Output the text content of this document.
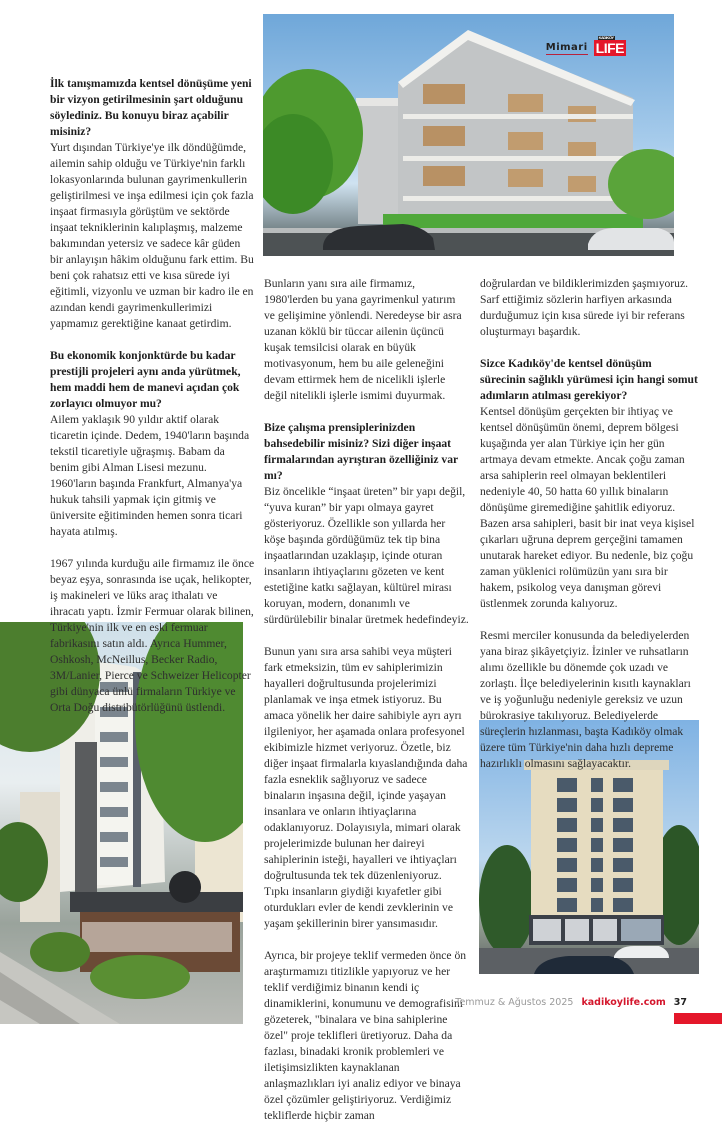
Mimari
KADIKÖY
LIFE

İlk tanışmamızda kentsel dönüşüme yeni bir vizyon getirilmesinin şart olduğunu söylediniz. Bu konuyu biraz açabilir misiniz?

Yurt dışından Türkiye'ye ilk döndüğümde, ailemin sahip olduğu ve Türkiye'nin farklı lokasyonlarında bulunan gayrimenkullerin geliştirilmesi ve inşa edilmesi için çok fazla inşaat firmasıyla görüştüm ve sektörde inşaat tekniklerinin kalıplaşmış, malzeme bakımından yetersiz ve sadece kâr güden bir anlayışın hâkim olduğunu fark ettim. Bu beni çok rahatsız etti ve kısa sürede iyi eğitimli, vizyonlu ve uzman bir kadro ile en azından kendi gayrimenkullerimizi yapmamız gerektiğine kanaat getirdim.

Bu ekonomik konjonktürde bu kadar prestijli projeleri aynı anda yürütmek, hem maddi hem de manevi açıdan çok zorlayıcı olmuyor mu?

Ailem yaklaşık 90 yıldır aktif olarak ticaretin içinde. Dedem, 1940'ların başında tekstil ticaretiyle uğraşmış. Babam da benim gibi Alman Lisesi mezunu. 1960'ların başında Frankfurt, Almanya'ya hukuk tahsili yapmak için gitmiş ve üniversite eğitiminden hemen sonra ticari hayata atılmış.

1967 yılında kurduğu aile firmamız ile önce beyaz eşya, sonrasında ise uçak, helikopter, iş makineleri ve lüks araç ithalatı ve ihracatı yaptı. İzmir Fermuar olarak bilinen, Türkiye'nin ilk ve en eski fermuar fabrikasını satın aldı. Ayrıca Hummer, Oshkosh, McNeillus, Becker Radio, 3M/Lanier, Pierce ve Schweizer Helicopter gibi dünyaca ünlü firmaların Türkiye ve Orta Doğu distribütörlüğünü üstlendi.

Bunların yanı sıra aile firmamız, 1980'lerden bu yana gayrimenkul yatırım ve gelişimine yönlendi. Neredeyse bir asra uzanan köklü bir tüccar ailenin üçüncü kuşak temsilcisi olarak en büyük motivasyonum, hem bu aile geleneğini devam ettirmek hem de nicelikli işlerle değil nitelikli işlerle ismimi duyurmak.

Bize çalışma prensiplerinizden bahsedebilir misiniz? Sizi diğer inşaat firmalarından ayrıştıran özelliğiniz var mı?

Biz öncelikle “inşaat üreten” bir yapı değil, “yuva kuran” bir yapı olmaya gayret gösteriyoruz. Özellikle son yıllarda her köşe başında gördüğümüz tek tip bina inşaatlarından uzaklaşıp, içinde oturan insanların ihtiyaçlarını gözeten ve kent estetiğine katkı sağlayan, kültürel mirası koruyan, modern, donanımlı ve sürdürülebilir binalar üretmek hedefindeyiz.

Bunun yanı sıra arsa sahibi veya müşteri fark etmeksizin, tüm ev sahiplerimizin hayalleri doğrultusunda projelerimizi planlamak ve inşa etmek istiyoruz. Bu amaca yönelik her daire sahibiyle ayrı ayrı ilgileniyor, her aşamada onlara profesyonel ekibimizle hizmet veriyoruz. Özetle, biz diğer inşaat firmalarla kıyaslandığında daha fazla esneklik sağlıyoruz ve sadece binaların inşasına değil, içinde yaşayan insanlara ve onların ihtiyaçlarına odaklanıyoruz. Dolayısıyla, mimari olarak projelerimizde bulunan her daireyi sahiplerinin isteği, hayalleri ve ihtiyaçları doğrultusunda tek tek düzenleniyoruz. Tıpkı insanların giydiği kıyafetler gibi oturdukları evler de kendi zevklerinin ve yaşam şekillerinin birer yansımasıdır.

Ayrıca, bir projeye teklif vermeden önce ön araştırmamızı titizlikle yapıyoruz ve her teklif verdiğimiz binanın kendi iç dinamiklerini, konumunu ve demografisini gözeterek, "binalara ve bina sahiplerine özel" proje teklifleri üretiyoruz. Daha da fazlası, binadaki kronik problemleri ve iletişimsizlikten kaynaklanan anlaşmazlıkları iyi analiz ediyor ve binaya özel çözümler geliştiriyoruz. Verdiğimiz tekliflerde hiçbir zaman

doğrulardan ve bildiklerimizden şaşmıyoruz. Sarf ettiğimiz sözlerin harfiyen arkasında durduğumuz için kısa sürede iyi bir referans oluşturmayı başardık.

Sizce Kadıköy'de kentsel dönüşüm sürecinin sağlıklı yürümesi için hangi somut adımların atılması gerekiyor?

Kentsel dönüşüm gerçekten bir ihtiyaç ve kentsel dönüşümün önemi, deprem bölgesi kuşağında yer alan Türkiye için her gün artmaya devam etmekte. Ancak çoğu zaman arsa sahiplerin reel olmayan beklentileri nedeniyle 40, 50 hatta 60 yıllık binaların dönüşüme giremediğine şahitlik ediyoruz. Bazen arsa sahipleri, basit bir inat veya kişisel çıkarları uğruna deprem gerçeğini tamamen unutarak hareket ediyor. Bu nedenle, biz çoğu zaman yüklenici rolümüzün yanı sıra bir hakem, psikolog veya danışman görevi üstlenmek zorunda kalıyoruz.

Resmi merciler konusunda da belediyelerden yana biraz şikâyetçiyiz. İzinler ve ruhsatların alımı özellikle bu dönemde çok uzadı ve zorlaştı. İlçe belediyelerinin kısıtlı kaynakları ve iş yoğunluğu nedeniyle gereksiz ve uzun bürokrasiye takılıyoruz. Belediyelerde süreçlerin hızlanması, başta Kadıköy olmak üzere tüm Türkiye'nin daha hızlı depreme hazırlıklı olmasını sağlayacaktır.

Temmuz & Ağustos 2025 kadikoylife.com 37
